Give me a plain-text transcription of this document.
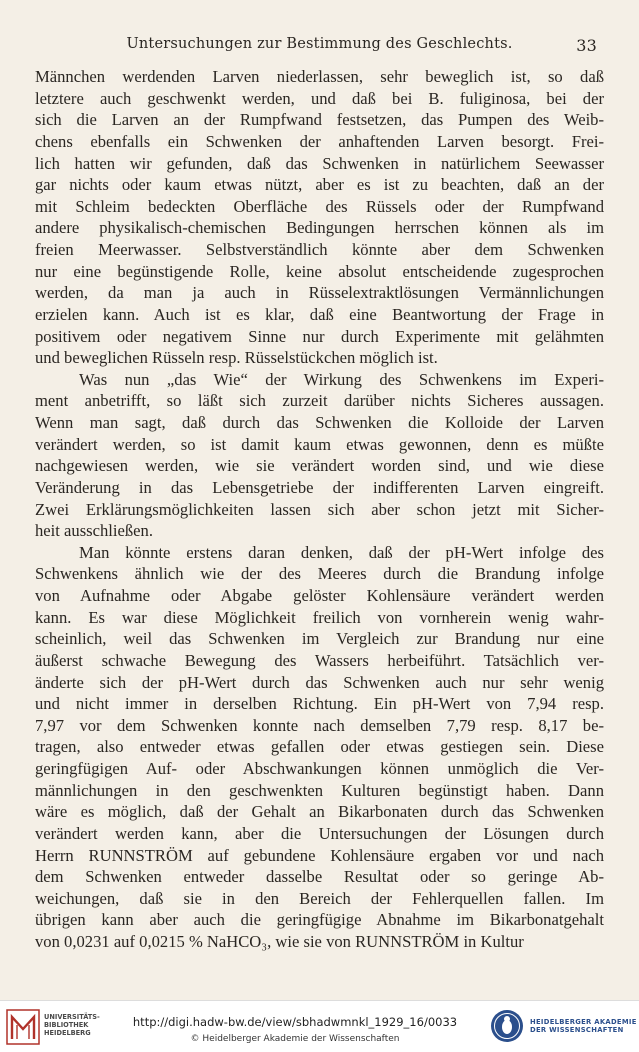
Untersuchungen zur Bestimmung des Geschlechts.	33
Männchen werdenden Larven niederlassen, sehr beweglich ist, so daß
letztere auch geschwenkt werden, und daß bei B. fuliginosa, bei der
sich die Larven an der Rumpfwand festsetzen, das Pumpen des Weib-
chens ebenfalls ein Schwenken der anhaftenden Larven besorgt. Frei-
lich hatten wir gefunden, daß das Schwenken in natürlichem Seewasser
gar nichts oder kaum etwas nützt, aber es ist zu beachten, daß an der
mit Schleim bedeckten Oberfläche des Rüssels oder der Rumpfwand
andere physikalisch-chemischen Bedingungen herrschen können als im
freien Meerwasser. Selbstverständlich könnte aber dem Schwenken
nur eine begünstigende Rolle, keine absolut entscheidende zugesprochen
werden, da man ja auch in Rüsselextraktlösungen Vermännlichungen
erzielen kann. Auch ist es klar, daß eine Beantwortung der Frage in
positivem oder negativem Sinne nur durch Experimente mit gelähmten
und beweglichen Rüsseln resp. Rüsselstückchen möglich ist.
Was nun „das Wie“ der Wirkung des Schwenkens im Experi-
ment anbetrifft, so läßt sich zurzeit darüber nichts Sicheres aussagen.
Wenn man sagt, daß durch das Schwenken die Kolloide der Larven
verändert werden, so ist damit kaum etwas gewonnen, denn es müßte
nachgewiesen werden, wie sie verändert worden sind, und wie diese
Veränderung in das Lebensgetriebe der indifferenten Larven eingreift.
Zwei Erklärungsmöglichkeiten lassen sich aber schon jetzt mit Sicher-
heit ausschließen.
Man könnte erstens daran denken, daß der pH-Wert infolge des
Schwenkens ähnlich wie der des Meeres durch die Brandung infolge
von Aufnahme oder Abgabe gelöster Kohlensäure verändert werden
kann. Es war diese Möglichkeit freilich von vornherein wenig wahr-
scheinlich, weil das Schwenken im Vergleich zur Brandung nur eine
äußerst schwache Bewegung des Wassers herbeiführt. Tatsächlich ver-
änderte sich der pH-Wert durch das Schwenken auch nur sehr wenig
und nicht immer in derselben Richtung. Ein pH-Wert von 7,94 resp.
7,97 vor dem Schwenken konnte nach demselben 7,79 resp. 8,17 be-
tragen, also entweder etwas gefallen oder etwas gestiegen sein. Diese
geringfügigen Auf- oder Abschwankungen können unmöglich die Ver-
männlichungen in den geschwenkten Kulturen begünstigt haben. Dann
wäre es möglich, daß der Gehalt an Bikarbonaten durch das Schwenken
verändert werden kann, aber die Untersuchungen der Lösungen durch
Herrn RUNNSTRÖM auf gebundene Kohlensäure ergaben vor und nach
dem Schwenken entweder dasselbe Resultat oder so geringe Ab-
weichungen, daß sie in den Bereich der Fehlerquellen fallen. Im
übrigen kann aber auch die geringfügige Abnahme im Bikarbonatgehalt
von 0,0231 auf 0,0215 % NaHCO₃, wie sie von RUNNSTRÖM in Kultur
UNIVERSITÄTS-
BIBLIOTHEK
HEIDELBERG
http://digi.hadw-bw.de/view/sbhadwmnkl_1929_16/0033
© Heidelberger Akademie der Wissenschaften
HEIDELBERGER AKADEMIE
DER WISSENSCHAFTEN
